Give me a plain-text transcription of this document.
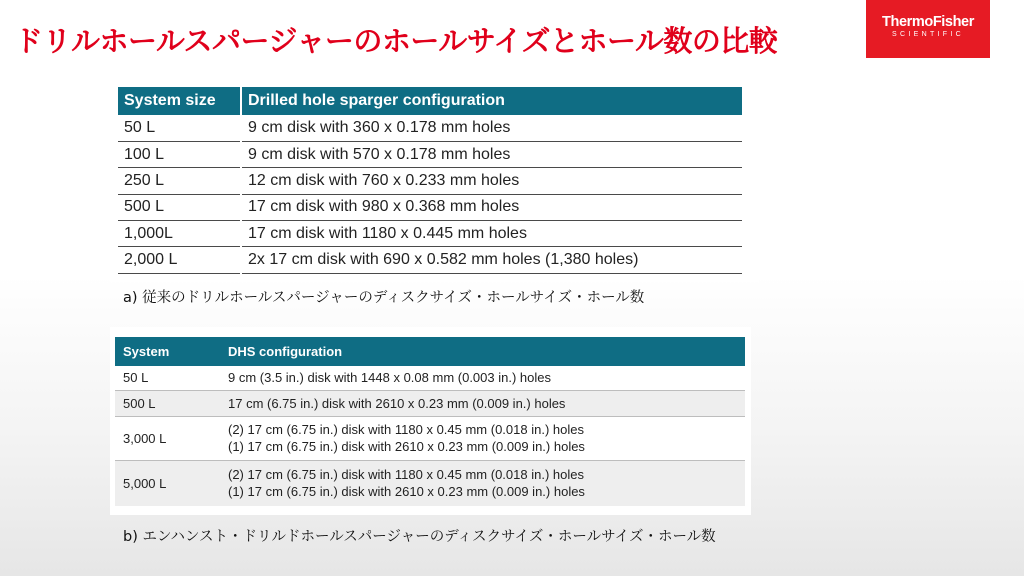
ドリルホールスパージャーのホールサイズとホール数の比較
ThermoFisher
SCIENTIFIC
System size	Drilled hole sparger configuration
50 L	9 cm disk with 360 x 0.178 mm holes
100 L	9 cm disk with 570 x 0.178 mm holes
250 L	12 cm disk with 760 x 0.233 mm holes
500 L	17 cm disk with 980 x 0.368 mm holes
1,000L	17 cm disk with 1180 x 0.445 mm holes
2,000 L	2x 17 cm disk with 690 x 0.582 mm holes (1,380 holes)
a) 従来のドリルホールスパージャーのディスクサイズ・ホールサイズ・ホール数
System	DHS configuration
50 L	9 cm (3.5 in.) disk with 1448 x 0.08 mm (0.003 in.) holes

500 L	17 cm (6.75 in.) disk with 2610 x 0.23 mm (0.009 in.) holes

3,000 L	(2) 17 cm (6.75 in.) disk with 1180 x 0.45 mm (0.018 in.) holes
(1) 17 cm (6.75 in.) disk with 2610 x 0.23 mm (0.009 in.) holes

5,000 L	(2) 17 cm (6.75 in.) disk with 1180 x 0.45 mm (0.018 in.) holes
(1) 17 cm (6.75 in.) disk with 2610 x 0.23 mm (0.009 in.) holes
b) エンハンスト・ドリルドホールスパージャーのディスクサイズ・ホールサイズ・ホール数
